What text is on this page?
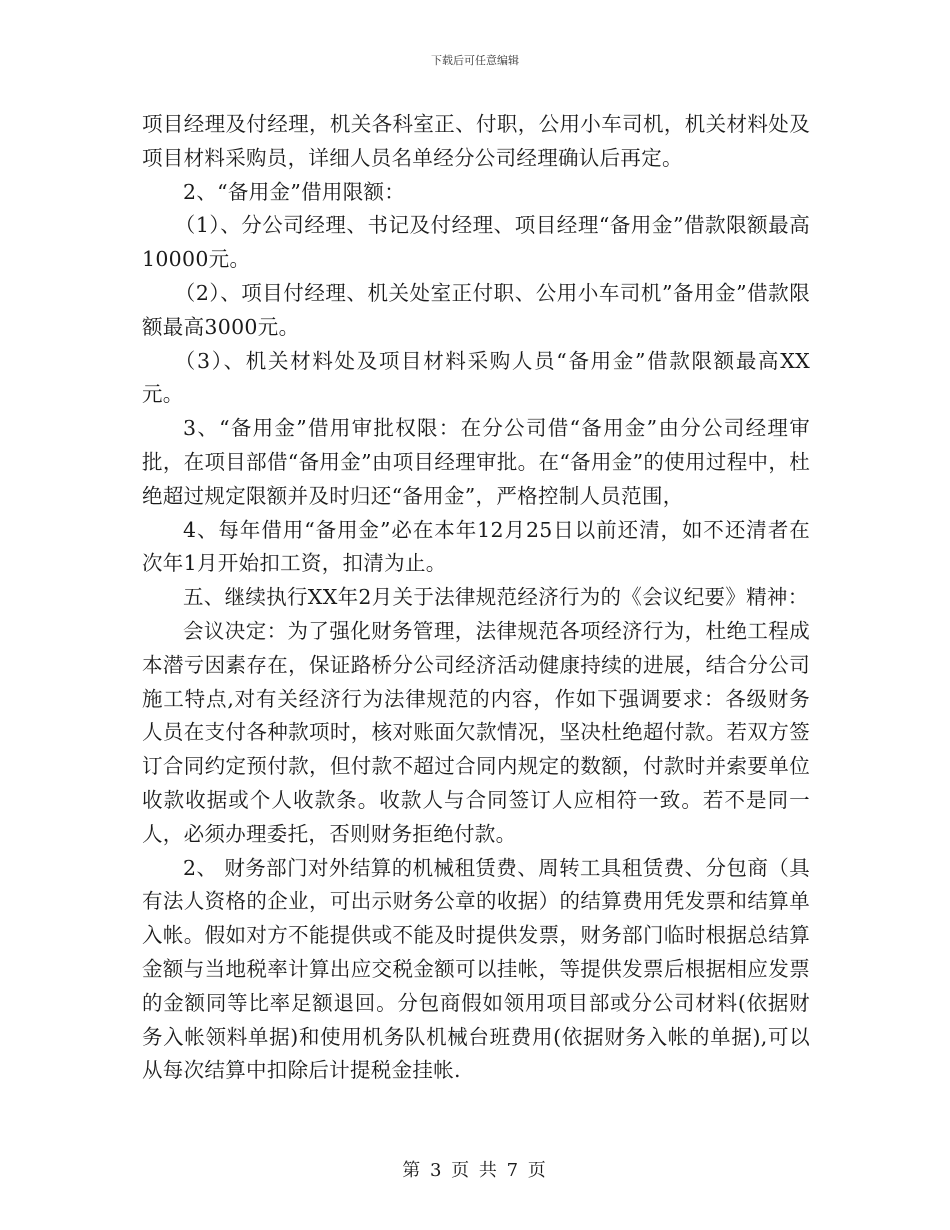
下载后可任意编辑

项目经理及付经理，机关各科室正、付职，公用小车司机，机关材料处及项目材料采购员，详细人员名单经分公司经理确认后再定。

2、“备用金”借用限额：

（1）、分公司经理、书记及付经理、项目经理“备用金”借款限额最高10000元。

（2）、项目付经理、机关处室正付职、公用小车司机”备用金”借款限额最高3000元。

（3）、机关材料处及项目材料采购人员“备用金”借款限额最高XX元。

3、“备用金”借用审批权限：在分公司借“备用金”由分公司经理审批，在项目部借“备用金”由项目经理审批。在“备用金”的使用过程中，杜绝超过规定限额并及时归还“备用金”，严格控制人员范围，

4、每年借用“备用金”必在本年12月25日以前还清，如不还清者在次年1月开始扣工资，扣清为止。

五、继续执行XX年2月关于法律规范经济行为的《会议纪要》精神：

会议决定：为了强化财务管理，法律规范各项经济行为，杜绝工程成本潜亏因素存在，保证路桥分公司经济活动健康持续的进展，结合分公司施工特点,对有关经济行为法律规范的内容，作如下强调要求：各级财务人员在支付各种款项时，核对账面欠款情况，坚决杜绝超付款。若双方签订合同约定预付款，但付款不超过合同内规定的数额，付款时并索要单位收款收据或个人收款条。收款人与合同签订人应相符一致。若不是同一人，必须办理委托，否则财务拒绝付款。

2、 财务部门对外结算的机械租赁费、周转工具租赁费、分包商（具有法人资格的企业，可出示财务公章的收据）的结算费用凭发票和结算单入帐。假如对方不能提供或不能及时提供发票，财务部门临时根据总结算金额与当地税率计算出应交税金额可以挂帐，等提供发票后根据相应发票的金额同等比率足额退回。分包商假如领用项目部或分公司材料(依据财务入帐领料单据)和使用机务队机械台班费用(依据财务入帐的单据),可以从每次结算中扣除后计提税金挂帐.

第 3 页 共 7 页
